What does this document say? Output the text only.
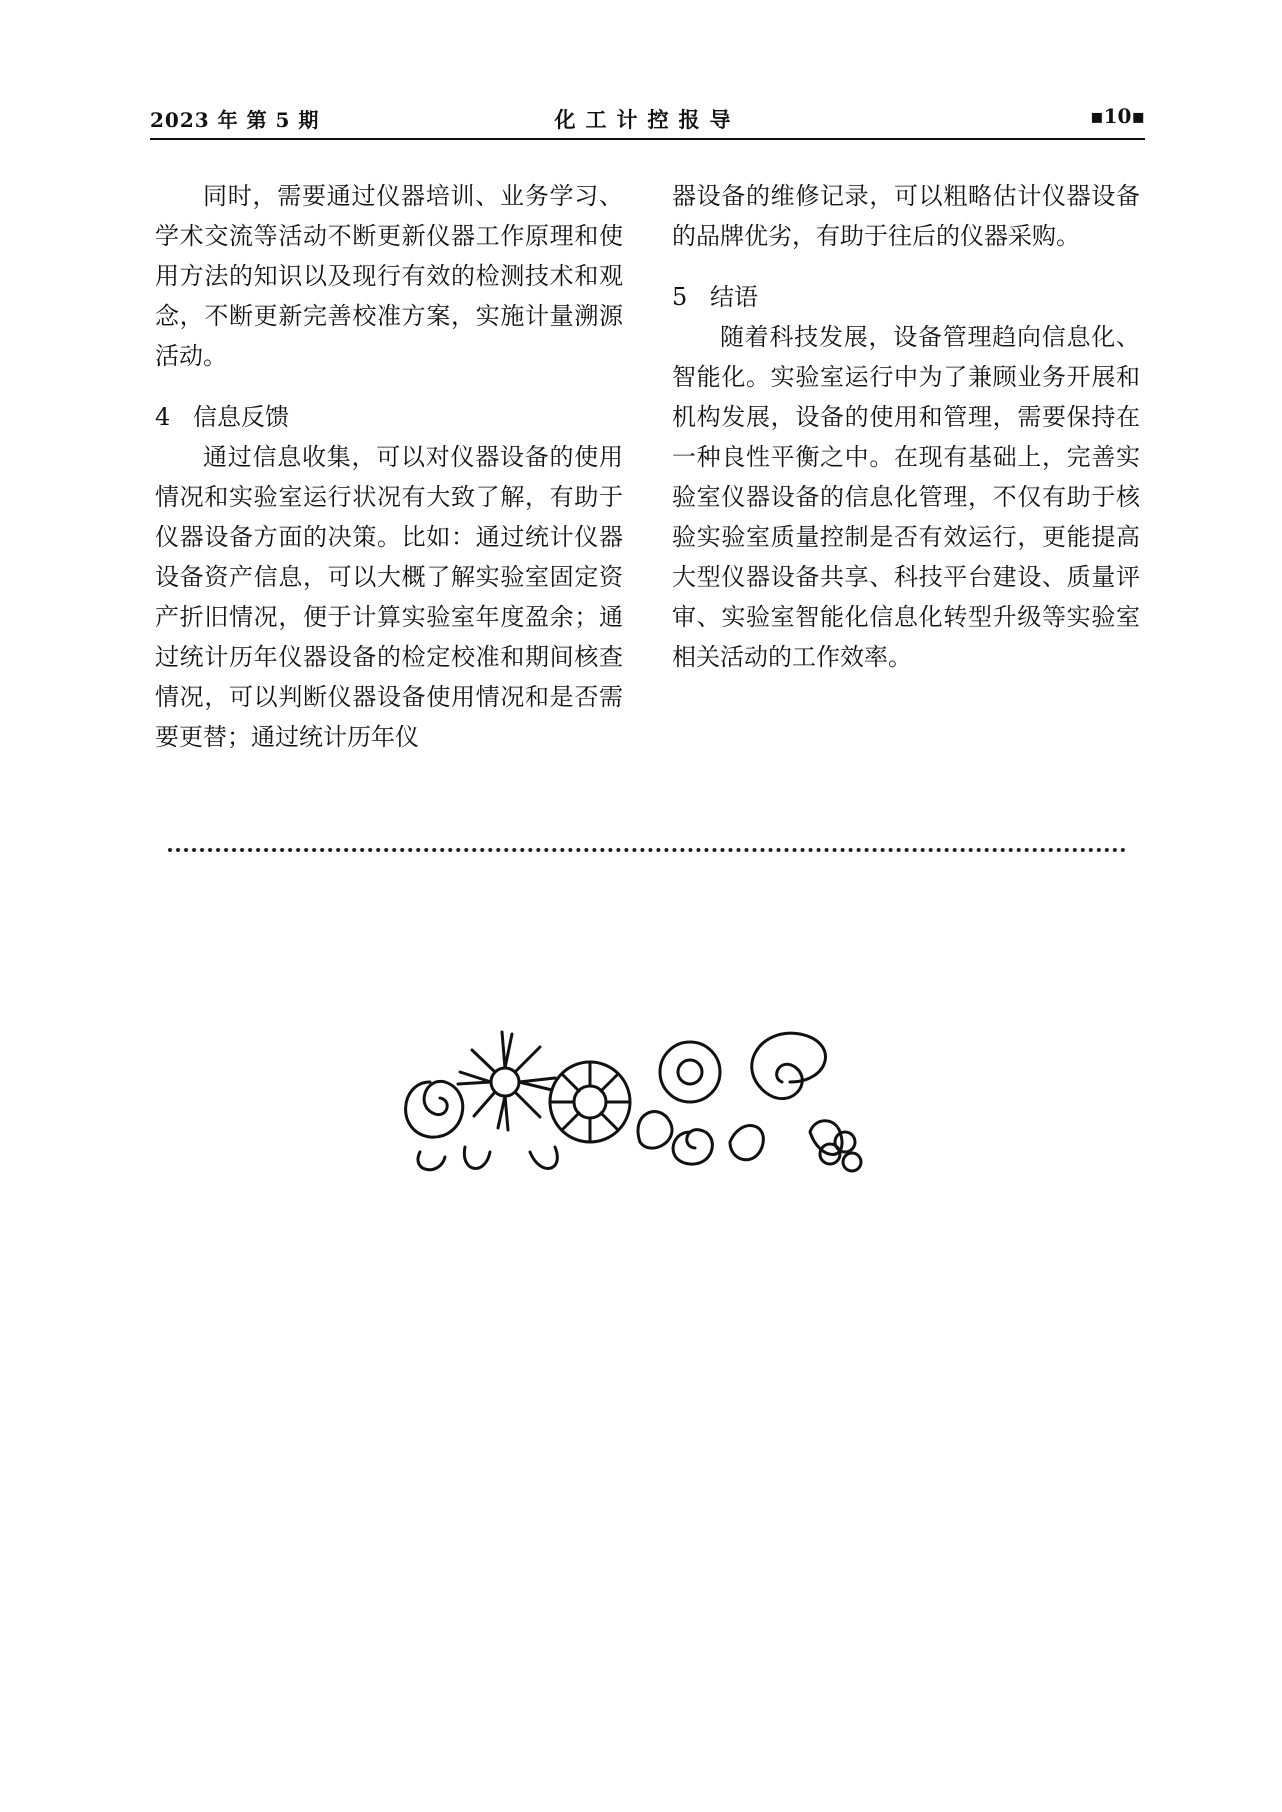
2023 年 第 5 期	化工计控报导	▪10▪

同时，需要通过仪器培训、业务学习、学术交流等活动不断更新仪器工作原理和使用方法的知识以及现行有效的检测技术和观念，不断更新完善校准方案，实施计量溯源活动。

4 信息反馈

通过信息收集，可以对仪器设备的使用情况和实验室运行状况有大致了解，有助于仪器设备方面的决策。比如：通过统计仪器设备资产信息，可以大概了解实验室固定资产折旧情况，便于计算实验室年度盈余；通过统计历年仪器设备的检定校准和期间核查情况，可以判断仪器设备使用情况和是否需要更替；通过统计历年仪

器设备的维修记录，可以粗略估计仪器设备的品牌优劣，有助于往后的仪器采购。

5 结语

随着科技发展，设备管理趋向信息化、智能化。实验室运行中为了兼顾业务开展和机构发展，设备的使用和管理，需要保持在一种良性平衡之中。在现有基础上，完善实验室仪器设备的信息化管理，不仅有助于核验实验室质量控制是否有效运行，更能提高大型仪器设备共享、科技平台建设、质量评审、实验室智能化信息化转型升级等实验室相关活动的工作效率。
